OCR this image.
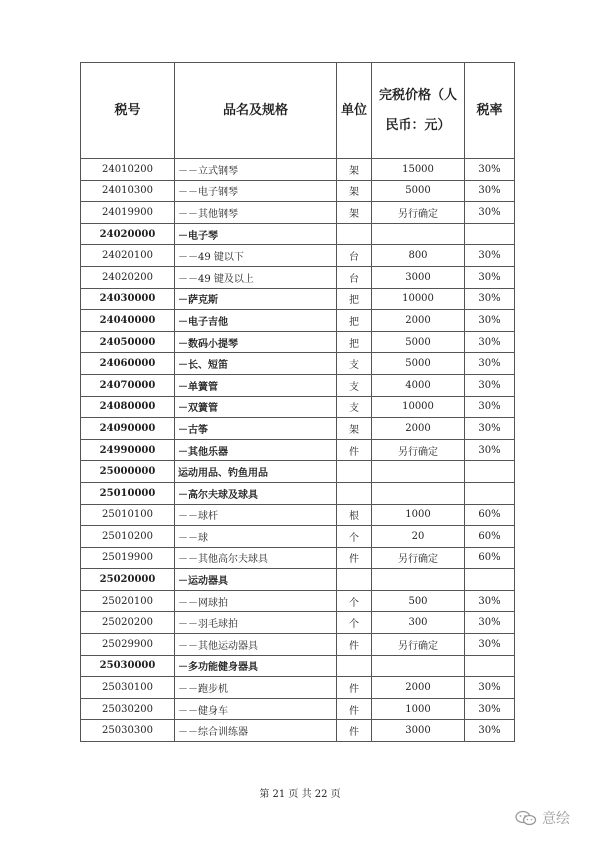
税号	品名及规格	单位	完税价格（人民币：元）	税率
24010200	－－立式钢琴	架	15000	30%
24010300	－－电子钢琴	架	5000	30%
24019900	－－其他钢琴	架	另行确定	30%
24020000	－电子琴			
24020100	－－49 键以下	台	800	30%
24020200	－－49 键及以上	台	3000	30%
24030000	－萨克斯	把	10000	30%
24040000	－电子吉他	把	2000	30%
24050000	－数码小提琴	把	5000	30%
24060000	－长、短笛	支	5000	30%
24070000	－单簧管	支	4000	30%
24080000	－双簧管	支	10000	30%
24090000	－古筝	架	2000	30%
24990000	－其他乐器	件	另行确定	30%
25000000	运动用品、钓鱼用品			
25010000	－高尔夫球及球具			
25010100	－－球杆	根	1000	60%
25010200	－－球	个	20	60%
25019900	－－其他高尔夫球具	件	另行确定	60%
25020000	－运动器具			
25020100	－－网球拍	个	500	30%
25020200	－－羽毛球拍	个	300	30%
25029900	－－其他运动器具	件	另行确定	30%
25030000	－多功能健身器具			
25030100	－－跑步机	件	2000	30%
25030200	－－健身车	件	1000	30%
25030300	－－综合训练器	件	3000	30%
第 21 页 共 22 页
意绘
